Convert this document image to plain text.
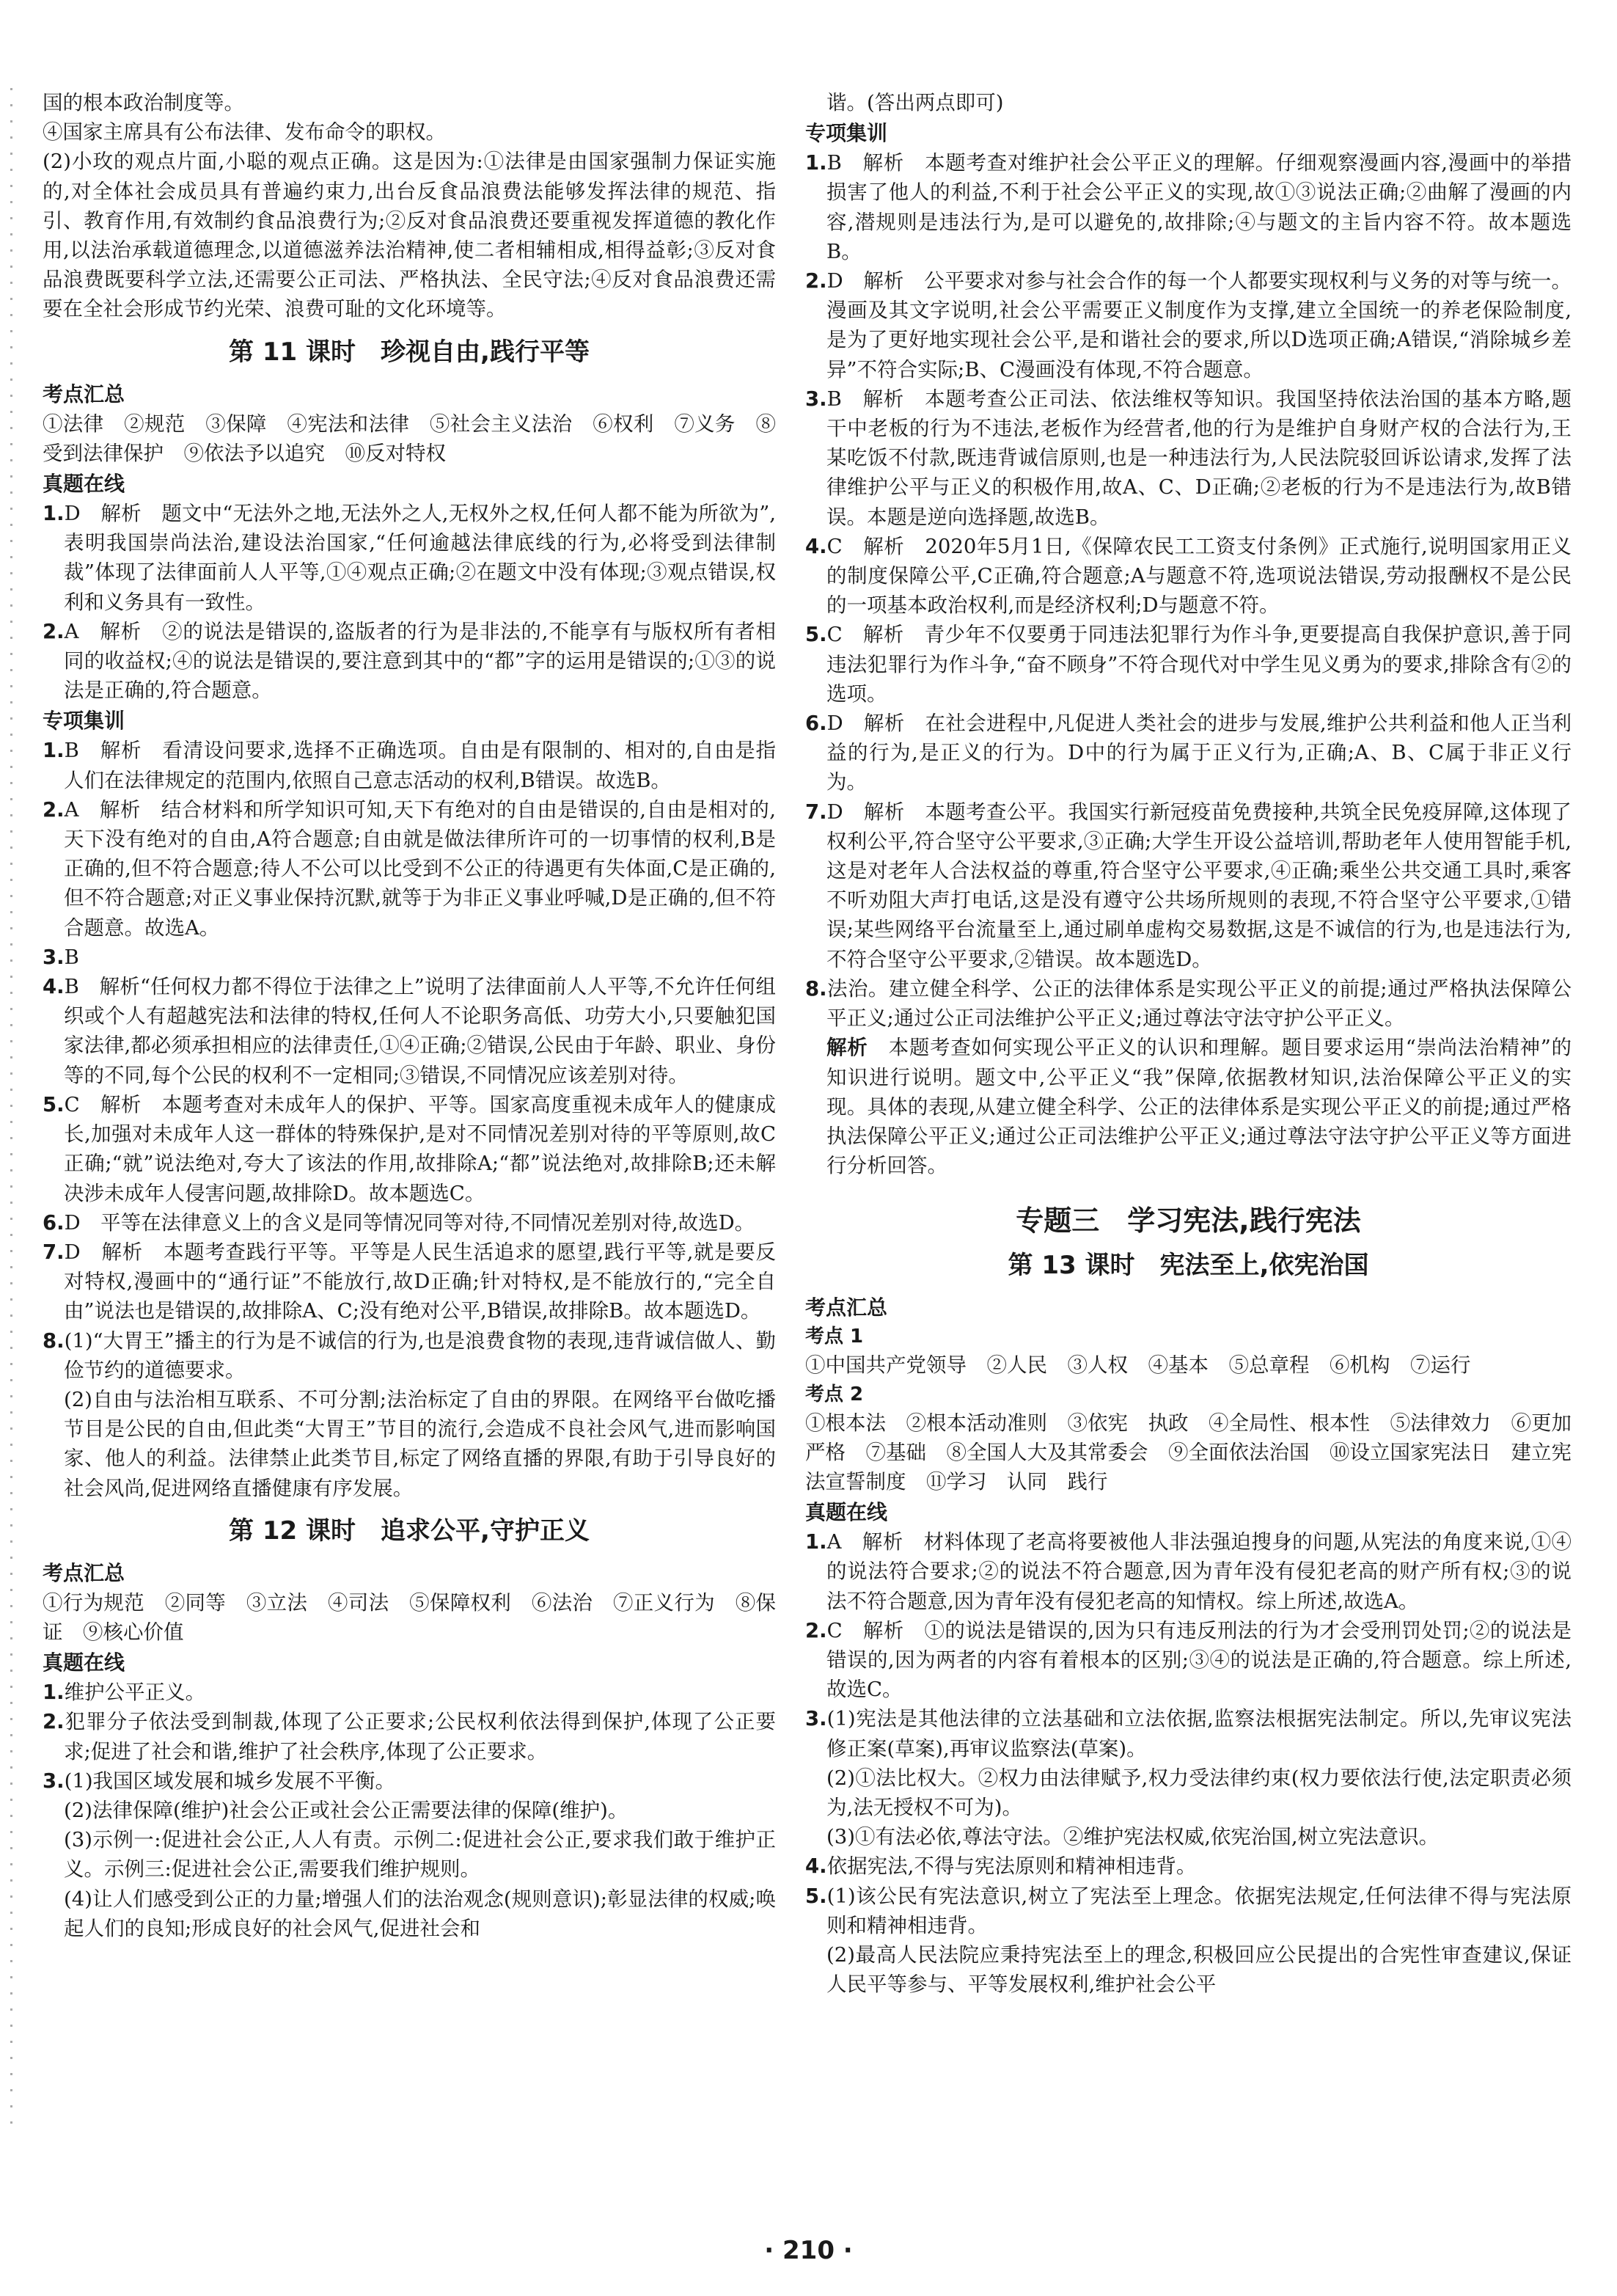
国的根本政治制度等。

④国家主席具有公布法律、发布命令的职权。

(2)小玫的观点片面,小聪的观点正确。这是因为:①法律是由国家强制力保证实施的,对全体社会成员具有普遍约束力,出台反食品浪费法能够发挥法律的规范、指引、教育作用,有效制约食品浪费行为;②反对食品浪费还要重视发挥道德的教化作用,以法治承载道德理念,以道德滋养法治精神,使二者相辅相成,相得益彰;③反对食品浪费既要科学立法,还需要公正司法、严格执法、全民守法;④反对食品浪费还需要在全社会形成节约光荣、浪费可耻的文化环境等。

第 11 课时　珍视自由,践行平等
考点汇总

①法律　②规范　③保障　④宪法和法律　⑤社会主义法治　⑥权利　⑦义务　⑧受到法律保护　⑨依法予以追究　⑩反对特权

真题在线

1.D　解析　题文中“无法外之地,无法外之人,无权外之权,任何人都不能为所欲为”,表明我国崇尚法治,建设法治国家,“任何逾越法律底线的行为,必将受到法律制裁”体现了法律面前人人平等,①④观点正确;②在题文中没有体现;③观点错误,权利和义务具有一致性。

2.A　解析　②的说法是错误的,盗版者的行为是非法的,不能享有与版权所有者相同的收益权;④的说法是错误的,要注意到其中的“都”字的运用是错误的;①③的说法是正确的,符合题意。

专项集训

1.B　解析　看清设问要求,选择不正确选项。自由是有限制的、相对的,自由是指人们在法律规定的范围内,依照自己意志活动的权利,B错误。故选B。

2.A　解析　结合材料和所学知识可知,天下有绝对的自由是错误的,自由是相对的,天下没有绝对的自由,A符合题意;自由就是做法律所许可的一切事情的权利,B是正确的,但不符合题意;待人不公可以比受到不公正的待遇更有失体面,C是正确的,但不符合题意;对正义事业保持沉默,就等于为非正义事业呼喊,D是正确的,但不符合题意。故选A。

3.B

4.B　解析“任何权力都不得位于法律之上”说明了法律面前人人平等,不允许任何组织或个人有超越宪法和法律的特权,任何人不论职务高低、功劳大小,只要触犯国家法律,都必须承担相应的法律责任,①④正确;②错误,公民由于年龄、职业、身份等的不同,每个公民的权利不一定相同;③错误,不同情况应该差别对待。

5.C　解析　本题考查对未成年人的保护、平等。国家高度重视未成年人的健康成长,加强对未成年人这一群体的特殊保护,是对不同情况差别对待的平等原则,故C正确;“就”说法绝对,夸大了该法的作用,故排除A;“都”说法绝对,故排除B;还未解决涉未成年人侵害问题,故排除D。故本题选C。

6.D　平等在法律意义上的含义是同等情况同等对待,不同情况差别对待,故选D。

7.D　解析　本题考查践行平等。平等是人民生活追求的愿望,践行平等,就是要反对特权,漫画中的“通行证”不能放行,故D正确;针对特权,是不能放行的,“完全自由”说法也是错误的,故排除A、C;没有绝对公平,B错误,故排除B。故本题选D。

8.(1)“大胃王”播主的行为是不诚信的行为,也是浪费食物的表现,违背诚信做人、勤俭节约的道德要求。

(2)自由与法治相互联系、不可分割;法治标定了自由的界限。在网络平台做吃播节目是公民的自由,但此类“大胃王”节目的流行,会造成不良社会风气,进而影响国家、他人的利益。法律禁止此类节目,标定了网络直播的界限,有助于引导良好的社会风尚,促进网络直播健康有序发展。

第 12 课时　追求公平,守护正义
考点汇总

①行为规范　②同等　③立法　④司法　⑤保障权利　⑥法治　⑦正义行为　⑧保证　⑨核心价值

真题在线

1.维护公平正义。

2.犯罪分子依法受到制裁,体现了公正要求;公民权利依法得到保护,体现了公正要求;促进了社会和谐,维护了社会秩序,体现了公正要求。

3.(1)我国区域发展和城乡发展不平衡。

(2)法律保障(维护)社会公正或社会公正需要法律的保障(维护)。

(3)示例一:促进社会公正,人人有责。示例二:促进社会公正,要求我们敢于维护正义。示例三:促进社会公正,需要我们维护规则。

(4)让人们感受到公正的力量;增强人们的法治观念(规则意识);彰显法律的权威;唤起人们的良知;形成良好的社会风气,促进社会和

谐。(答出两点即可)

专项集训

1.B　解析　本题考查对维护社会公平正义的理解。仔细观察漫画内容,漫画中的举措损害了他人的利益,不利于社会公平正义的实现,故①③说法正确;②曲解了漫画的内容,潜规则是违法行为,是可以避免的,故排除;④与题文的主旨内容不符。故本题选B。

2.D　解析　公平要求对参与社会合作的每一个人都要实现权利与义务的对等与统一。漫画及其文字说明,社会公平需要正义制度作为支撑,建立全国统一的养老保险制度,是为了更好地实现社会公平,是和谐社会的要求,所以D选项正确;A错误,“消除城乡差异”不符合实际;B、C漫画没有体现,不符合题意。

3.B　解析　本题考查公正司法、依法维权等知识。我国坚持依法治国的基本方略,题干中老板的行为不违法,老板作为经营者,他的行为是维护自身财产权的合法行为,王某吃饭不付款,既违背诚信原则,也是一种违法行为,人民法院驳回诉讼请求,发挥了法律维护公平与正义的积极作用,故A、C、D正确;②老板的行为不是违法行为,故B错误。本题是逆向选择题,故选B。

4.C　解析　2020年5月1日,《保障农民工工资支付条例》正式施行,说明国家用正义的制度保障公平,C正确,符合题意;A与题意不符,选项说法错误,劳动报酬权不是公民的一项基本政治权利,而是经济权利;D与题意不符。

5.C　解析　青少年不仅要勇于同违法犯罪行为作斗争,更要提高自我保护意识,善于同违法犯罪行为作斗争,“奋不顾身”不符合现代对中学生见义勇为的要求,排除含有②的选项。

6.D　解析　在社会进程中,凡促进人类社会的进步与发展,维护公共利益和他人正当利益的行为,是正义的行为。D中的行为属于正义行为,正确;A、B、C属于非正义行为。

7.D　解析　本题考查公平。我国实行新冠疫苗免费接种,共筑全民免疫屏障,这体现了权利公平,符合坚守公平要求,③正确;大学生开设公益培训,帮助老年人使用智能手机,这是对老年人合法权益的尊重,符合坚守公平要求,④正确;乘坐公共交通工具时,乘客不听劝阻大声打电话,这是没有遵守公共场所规则的表现,不符合坚守公平要求,①错误;某些网络平台流量至上,通过刷单虚构交易数据,这是不诚信的行为,也是违法行为,不符合坚守公平要求,②错误。故本题选D。

8.法治。建立健全科学、公正的法律体系是实现公平正义的前提;通过严格执法保障公平正义;通过公正司法维护公平正义;通过尊法守法守护公平正义。

解析　本题考查如何实现公平正义的认识和理解。题目要求运用“崇尚法治精神”的知识进行说明。题文中,公平正义“我”保障,依据教材知识,法治保障公平正义的实现。具体的表现,从建立健全科学、公正的法律体系是实现公平正义的前提;通过严格执法保障公平正义;通过公正司法维护公平正义;通过尊法守法守护公平正义等方面进行分析回答。

专题三　学习宪法,践行宪法
第 13 课时　宪法至上,依宪治国
考点汇总
考点 1

①中国共产党领导　②人民　③人权　④基本　⑤总章程　⑥机构　⑦运行

考点 2

①根本法　②根本活动准则　③依宪　执政　④全局性、根本性　⑤法律效力　⑥更加严格　⑦基础　⑧全国人大及其常委会　⑨全面依法治国　⑩设立国家宪法日　建立宪法宣誓制度　⑪学习　认同　践行

真题在线

1.A　解析　材料体现了老高将要被他人非法强迫搜身的问题,从宪法的角度来说,①④的说法符合要求;②的说法不符合题意,因为青年没有侵犯老高的财产所有权;③的说法不符合题意,因为青年没有侵犯老高的知情权。综上所述,故选A。

2.C　解析　①的说法是错误的,因为只有违反刑法的行为才会受刑罚处罚;②的说法是错误的,因为两者的内容有着根本的区别;③④的说法是正确的,符合题意。综上所述,故选C。

3.(1)宪法是其他法律的立法基础和立法依据,监察法根据宪法制定。所以,先审议宪法修正案(草案),再审议监察法(草案)。

(2)①法比权大。②权力由法律赋予,权力受法律约束(权力要依法行使,法定职责必须为,法无授权不可为)。

(3)①有法必依,尊法守法。②维护宪法权威,依宪治国,树立宪法意识。

4.依据宪法,不得与宪法原则和精神相违背。

5.(1)该公民有宪法意识,树立了宪法至上理念。依据宪法规定,任何法律不得与宪法原则和精神相违背。

(2)最高人民法院应秉持宪法至上的理念,积极回应公民提出的合宪性审查建议,保证人民平等参与、平等发展权利,维护社会公平

· 210 ·
